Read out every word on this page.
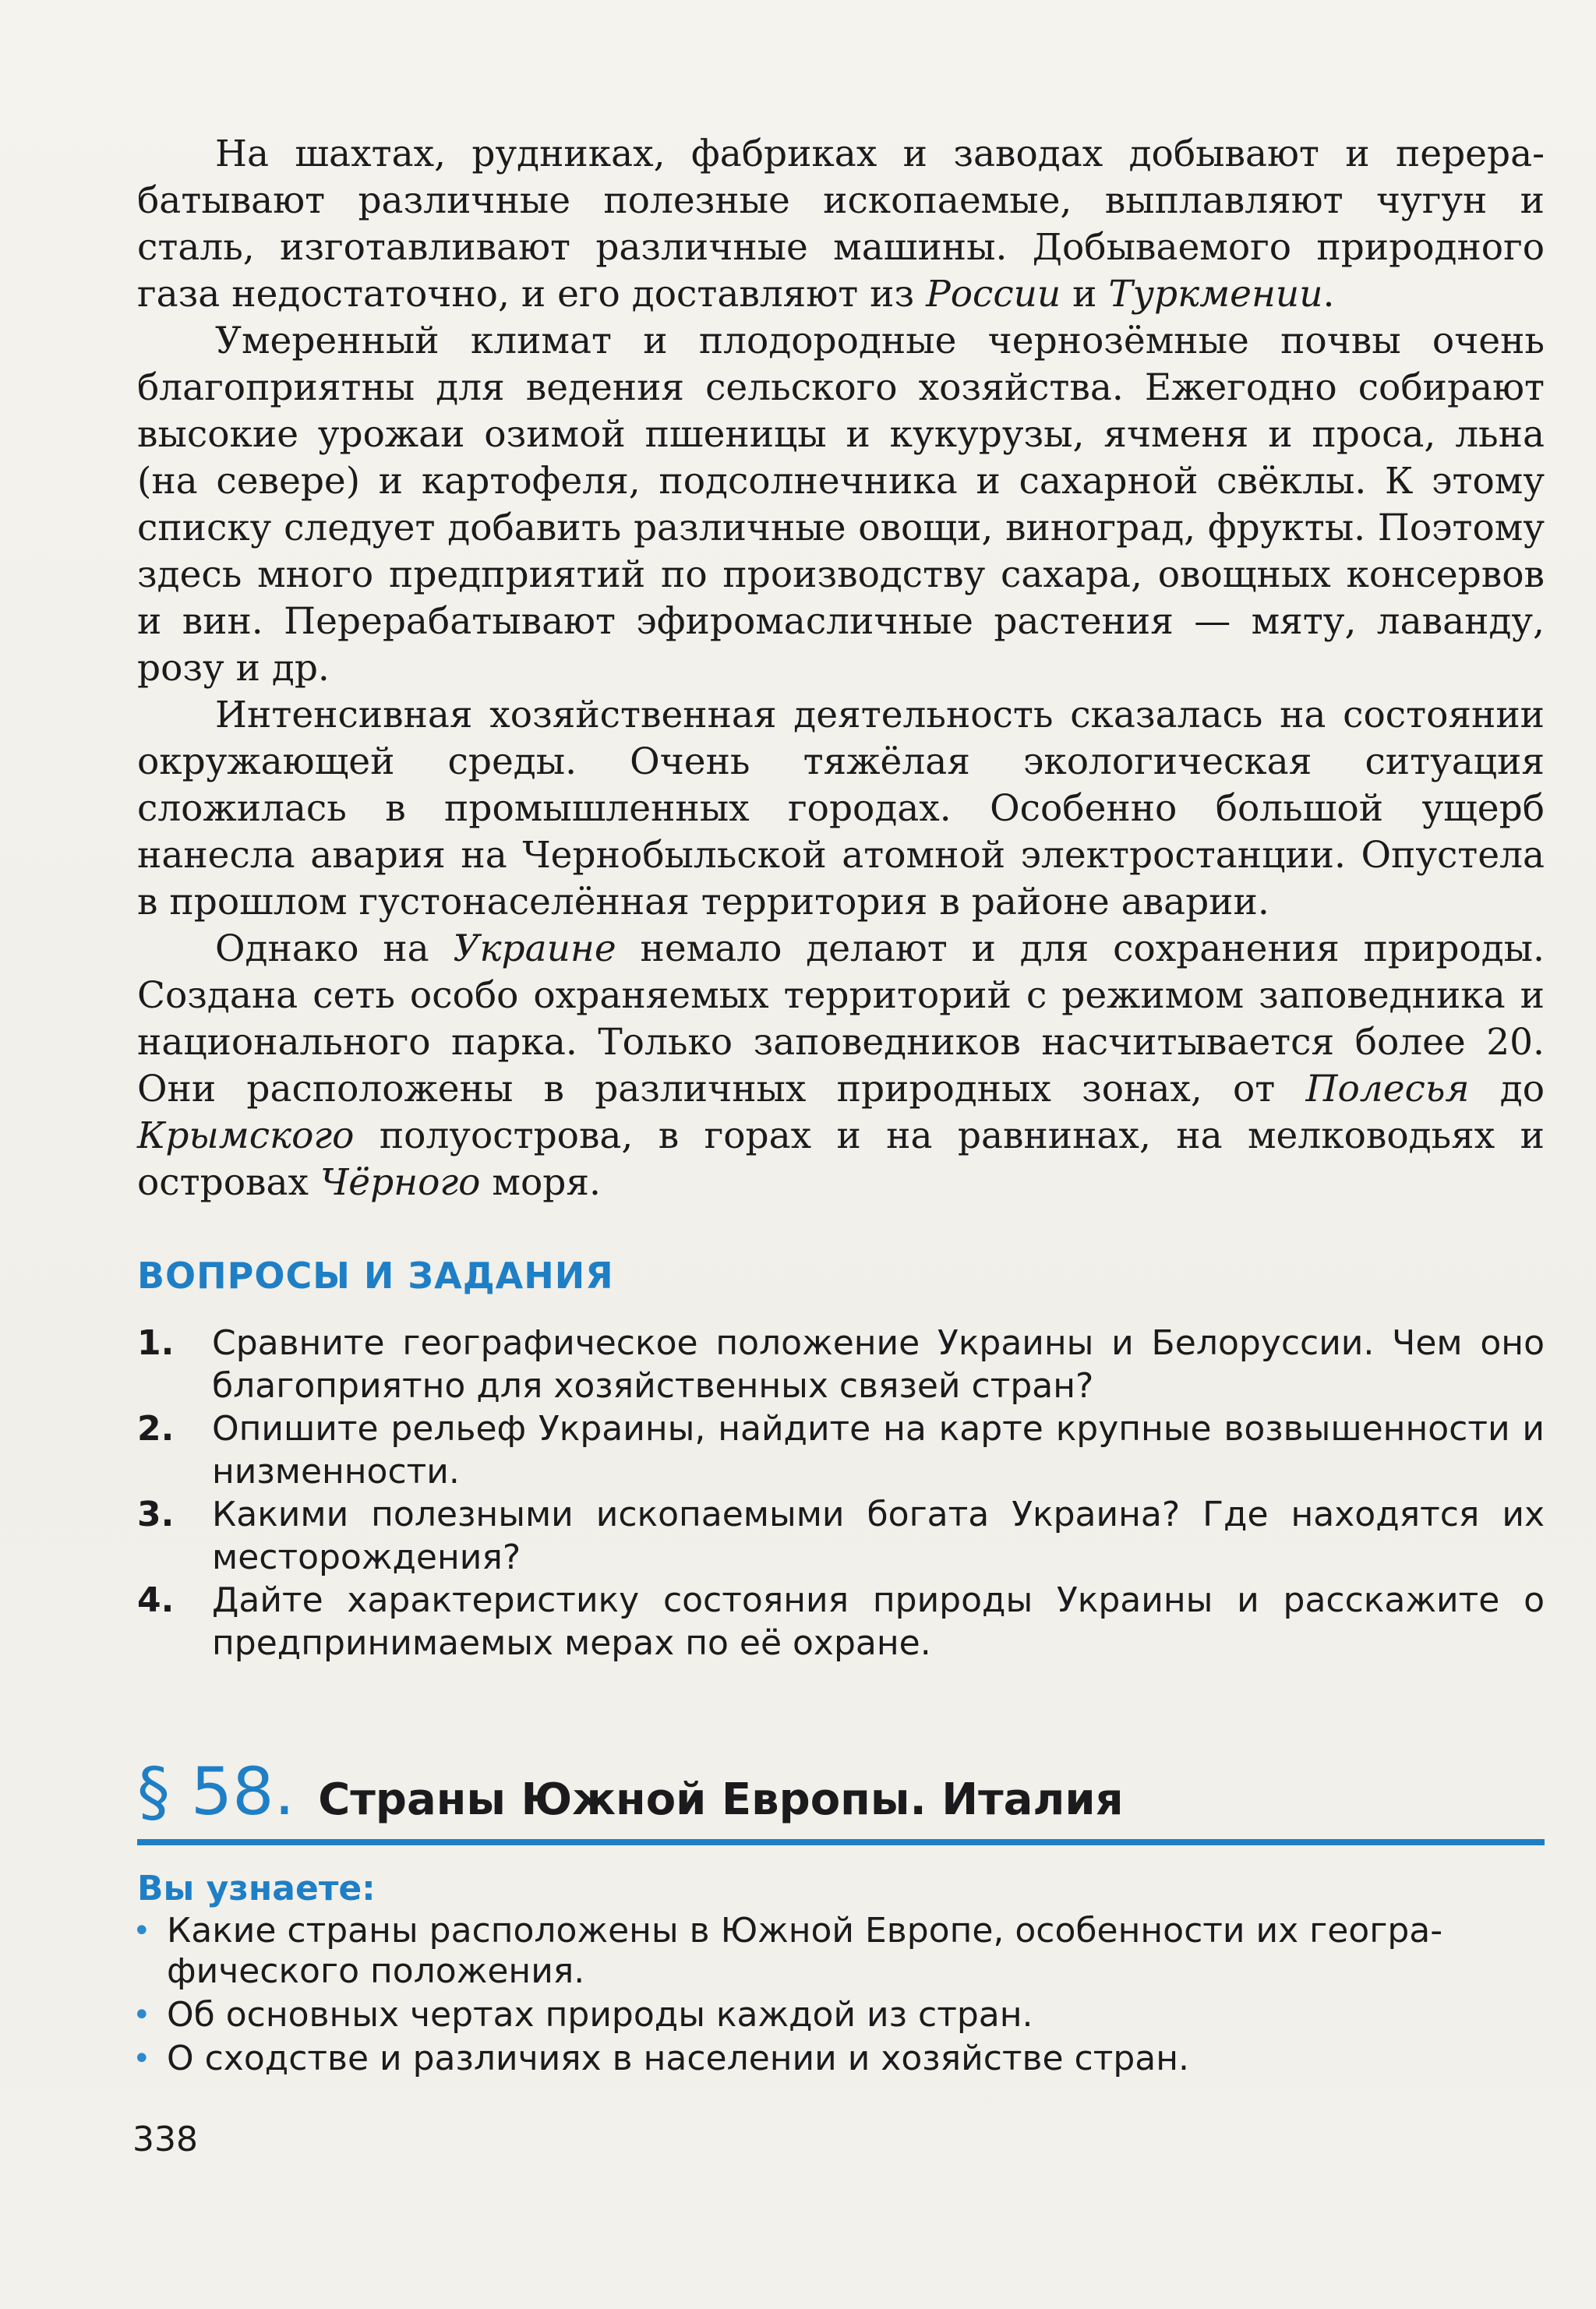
На шахтах, рудниках, фабриках и заводах добывают и перерабатывают различные полезные ископаемые, выплавляют чугун и сталь, изготавливают различные машины. Добываемого природного газа недостаточно, и его доставляют из России и Туркмении.

Умеренный климат и плодородные чернозёмные почвы очень благоприятны для ведения сельского хозяйства. Ежегодно собирают высокие урожаи озимой пшеницы и кукурузы, ячменя и проса, льна (на севере) и картофеля, подсолнечника и сахарной свёклы. К этому списку следует добавить различные овощи, виноград, фрукты. Поэтому здесь много предприятий по производству сахара, овощных консервов и вин. Перерабатывают эфиромасличные растения — мяту, лаванду, розу и др.

Интенсивная хозяйственная деятельность сказалась на состоянии окружающей среды. Очень тяжёлая экологическая ситуация сложилась в промышленных городах. Особенно большой ущерб нанесла авария на Чернобыльской атомной электростанции. Опустела в прошлом густонаселённая территория в районе аварии.

Однако на Украине немало делают и для сохранения природы. Создана сеть особо охраняемых территорий с режимом заповедника и национального парка. Только заповедников насчитывается более 20. Они расположены в различных природных зонах, от Полесья до Крымского полуострова, в горах и на равнинах, на мелководьях и островах Чёрного моря.

ВОПРОСЫ И ЗАДАНИЯ
1.	Сравните географическое положение Украины и Белоруссии. Чем оно благоприятно для хозяйственных связей стран?
2.	Опишите рельеф Украины, найдите на карте крупные возвышенности и низменности.
3.	Какими полезными ископаемыми богата Украина? Где находятся их месторождения?
4.	Дайте характеристику состояния природы Украины и расскажите о предпринимаемых мерах по её охране.
§ 58. Страны Южной Европы. Италия
Вы узнаете:
• Какие страны расположены в Южной Европе, особенности их географического положения.
• Об основных чертах природы каждой из стран.
• О сходстве и различиях в населении и хозяйстве стран.
338
